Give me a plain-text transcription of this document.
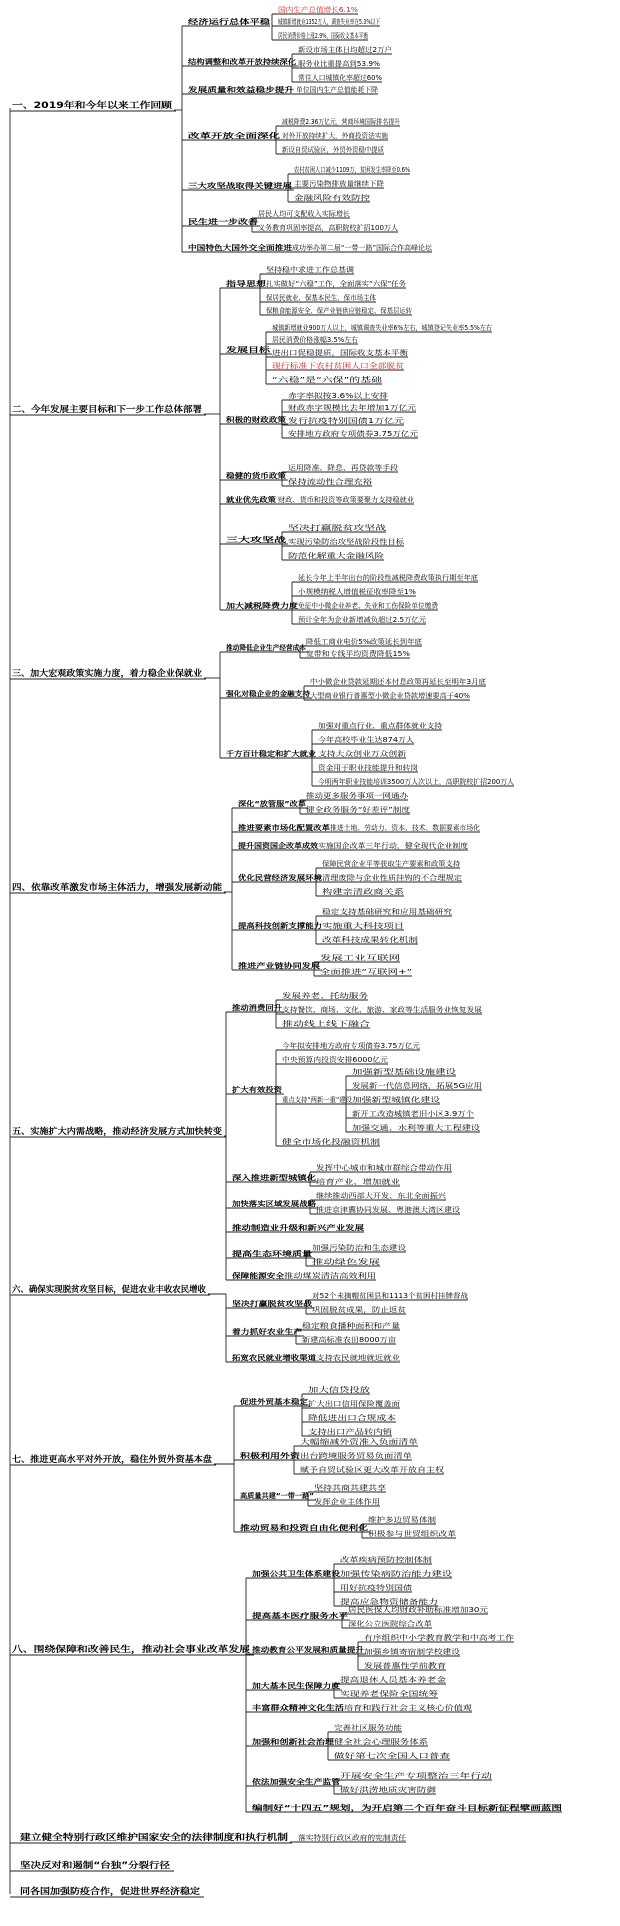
一、2019年和今年以来工作回顾
经济运行总体平稳
国内生产总值增长6.1%
城镇新增就业1352万人，调查失业率在5.3%以下
居民消费价格上涨2.9%，国际收支基本平衡
结构调整和改革开放持续深化
新设市场主体日均超过2万户
服务业比重提高到53.9%
常住人口城镇化率超过60%
发展质量和效益稳步提升	单位国内生产总值能耗下降
改革开放全面深化
减税降费2.36万亿元，营商环境国际排名提升
对外开放持续扩大，外商投资法实施
新设自贸试验区，外贸外资稳中提质
三大攻坚战取得关键进展
农村贫困人口减少1109万，贫困发生率降至0.6%
主要污染物排放量继续下降
金融风险有效防控
民生进一步改善
居民人均可支配收入实际增长
义务教育巩固率提高，高职院校扩招100万人
中国特色大国外交全面推进	成功举办第二届“一带一路”国际合作高峰论坛
二、今年发展主要目标和下一步工作总体部署
指导思想
坚持稳中求进工作总基调
扎实做好“六稳”工作，全面落实“六保”任务
保居民就业、保基本民生、保市场主体
保粮食能源安全、保产业链供应链稳定、保基层运转
发展目标
城镇新增就业900万人以上，城镇调查失业率6%左右，城镇登记失业率5.5%左右
居民消费价格涨幅3.5%左右
进出口促稳提质，国际收支基本平衡
现行标准下农村贫困人口全部脱贫
“六稳”是“六保”的基础
积极的财政政策
赤字率拟按3.6%以上安排
财政赤字规模比去年增加1万亿元
发行抗疫特别国债1万亿元
安排地方政府专项债券3.75万亿元
稳健的货币政策
运用降准、降息、再贷款等手段
保持流动性合理充裕
就业优先政策	财政、货币和投资等政策要聚力支持稳就业
三大攻坚战
坚决打赢脱贫攻坚战
实现污染防治攻坚战阶段性目标
防范化解重大金融风险
加大减税降费力度
延长今年上半年出台的阶段性减税降费政策执行期至年底
小规模纳税人增值税征收率降至1%
免征中小微企业养老、失业和工伤保险单位缴费
预计全年为企业新增减负超过2.5万亿元
三、加大宏观政策实施力度，着力稳企业保就业
推动降低企业生产经营成本
降低工商业电价5%政策延长到年底
宽带和专线平均资费降低15%
强化对稳企业的金融支持
中小微企业贷款延期还本付息政策再延长至明年3月底
大型商业银行普惠型小微企业贷款增速要高于40%
千方百计稳定和扩大就业
加强对重点行业、重点群体就业支持
今年高校毕业生达874万人
支持大众创业万众创新
资金用于职业技能提升和转岗
今明两年职业技能培训3500万人次以上，高职院校扩招200万人
四、依靠改革激发市场主体活力，增强发展新动能
深化“放管服”改革
推动更多服务事项一网通办
健全政务服务“好差评”制度
推进要素市场化配置改革	推进土地、劳动力、资本、技术、数据要素市场化
提升国资国企改革成效	实施国企改革三年行动，健全现代企业制度
优化民营经济发展环境
保障民营企业平等获取生产要素和政策支持
清理废除与企业性质挂钩的不合理规定
构建亲清政商关系
提高科技创新支撑能力
稳定支持基础研究和应用基础研究
实施重大科技项目
改革科技成果转化机制
推进产业链协同发展
发展工业互联网
全面推进“互联网+”
五、实施扩大内需战略，推动经济发展方式加快转变
推动消费回升
发展养老、托幼服务
支持餐饮、商场、文化、旅游、家政等生活服务业恢复发展
推动线上线下融合
扩大有效投资
今年拟安排地方政府专项债券3.75万亿元
中央预算内投资安排6000亿元
重点支持“两新一重”建设
加强新型基础设施建设
发展新一代信息网络，拓展5G应用
加强新型城镇化建设
新开工改造城镇老旧小区3.9万个
加强交通、水利等重大工程建设
健全市场化投融资机制
深入推进新型城镇化
发挥中心城市和城市群综合带动作用
培育产业、增加就业
加快落实区域发展战略
继续推动西部大开发、东北全面振兴
推进京津冀协同发展、粤港澳大湾区建设
推动制造业升级和新兴产业发展
提高生态环境质量
加强污染防治和生态建设
推动绿色发展
保障能源安全	推动煤炭清洁高效利用
六、确保实现脱贫攻坚目标，促进农业丰收农民增收
坚决打赢脱贫攻坚战
对52个未摘帽贫困县和1113个贫困村挂牌督战
巩固脱贫成果，防止返贫
着力抓好农业生产
稳定粮食播种面积和产量
新建高标准农田8000万亩
拓宽农民就业增收渠道	支持农民就地就近就业
七、推进更高水平对外开放，稳住外贸外资基本盘
促进外贸基本稳定
加大信贷投放
扩大出口信用保险覆盖面
降低进出口合规成本
支持出口产品转内销
积极利用外资
大幅缩减外资准入负面清单
出台跨境服务贸易负面清单
赋予自贸试验区更大改革开放自主权
高质量共建“一带一路”
坚持共商共建共享
发挥企业主体作用
推动贸易和投资自由化便利化
维护多边贸易体制
积极参与世贸组织改革
八、围绕保障和改善民生，推动社会事业改革发展
加强公共卫生体系建设
改革疾病预防控制体制
加强传染病防治能力建设
用好抗疫特别国债
提高应急物资储备能力
提高基本医疗服务水平
居民医保人均财政补助标准增加30元
深化公立医院综合改革
推动教育公平发展和质量提升
有序组织中小学教育教学和中高考工作
加强乡镇寄宿制学校建设
发展普惠性学前教育
加大基本民生保障力度
提高退休人员基本养老金
实现养老保险全国统筹
丰富群众精神文化生活	培育和践行社会主义核心价值观
加强和创新社会治理
完善社区服务功能
健全社会心理服务体系
做好第七次全国人口普查
依法加强安全生产监管
开展安全生产专项整治三年行动
做好洪涝地质灾害防御
编制好“十四五”规划，为开启第二个百年奋斗目标新征程擘画蓝图
建立健全特别行政区维护国家安全的法律制度和执行机制	落实特别行政区政府的宪制责任
坚决反对和遏制“台独”分裂行径
同各国加强防疫合作，促进世界经济稳定
